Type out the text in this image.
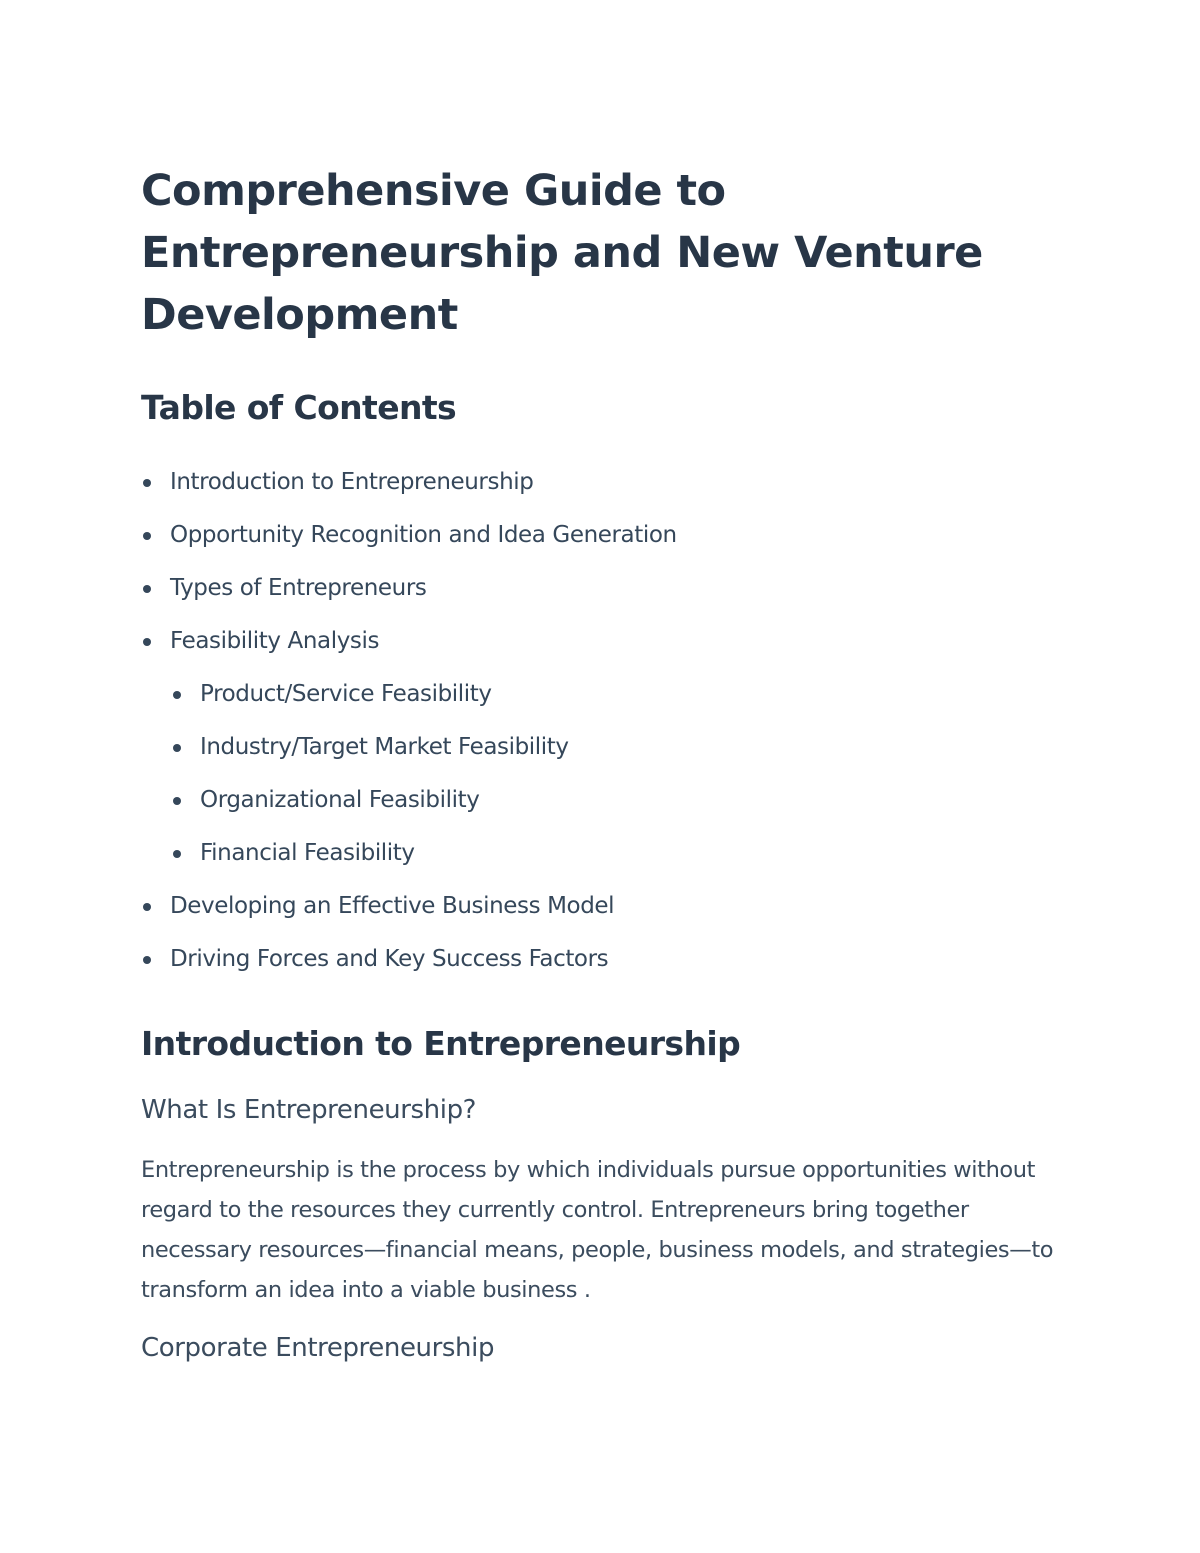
Comprehensive Guide to Entrepreneurship and New Venture Development
Table of Contents
Introduction to Entrepreneurship
Opportunity Recognition and Idea Generation
Types of Entrepreneurs
Feasibility Analysis
Product/Service Feasibility
Industry/Target Market Feasibility
Organizational Feasibility
Financial Feasibility
Developing an Effective Business Model
Driving Forces and Key Success Factors
Introduction to Entrepreneurship
What Is Entrepreneurship?

Entrepreneurship is the process by which individuals pursue opportunities without regard to the resources they currently control. Entrepreneurs bring together necessary resources—financial means, people, business models, and strategies—to transform an idea into a viable business .

Corporate Entrepreneurship
